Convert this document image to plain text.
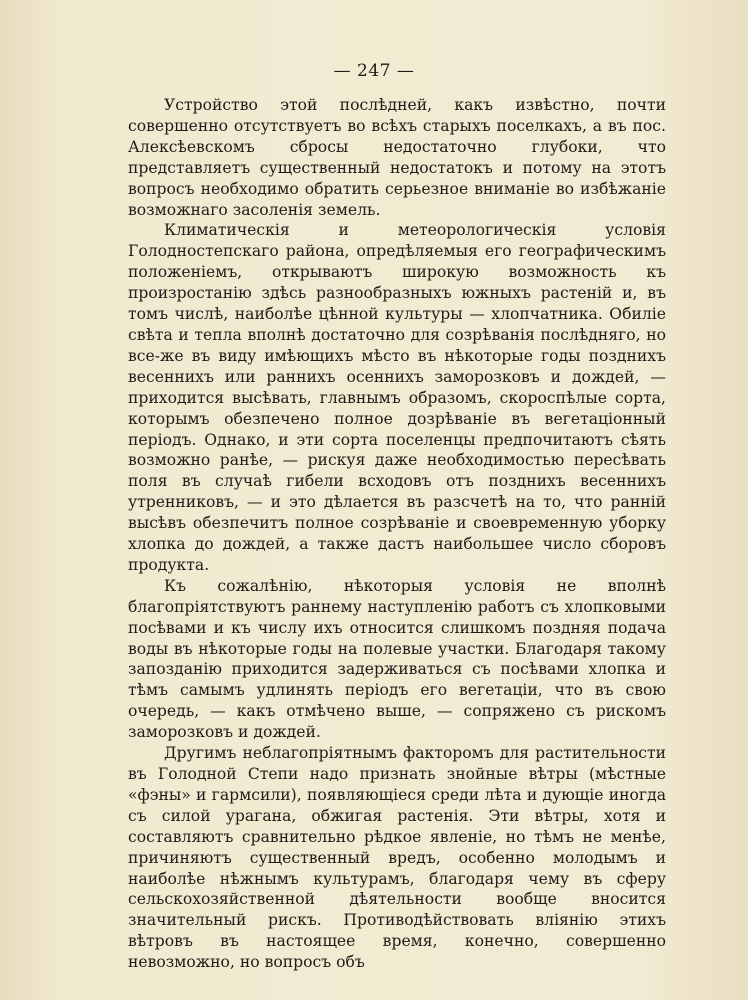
— 247 —

Устройство этой послѣдней, какъ извѣстно, почти совершенно отсутствуетъ во всѣхъ старыхъ поселкахъ, а въ пос. Алексѣевскомъ сбросы недостаточно глубоки, что представляетъ существенный недостатокъ и потому на этотъ вопросъ необходимо обратить серьезное вниманіе во избѣжаніе возможнаго засоленія земель.

Климатическія и метеорологическія условія Голодностепскаго района, опредѣляемыя его географическимъ положеніемъ, открываютъ широкую возможность къ произростанію здѣсь разнообразныхъ южныхъ растеній и, въ томъ числѣ, наиболѣе цѣнной культуры — хлопчатника. Обиліе свѣта и тепла вполнѣ достаточно для созрѣванія послѣдняго, но все-же въ виду имѣющихъ мѣсто въ нѣкоторые годы позднихъ весеннихъ или раннихъ осеннихъ заморозковъ и дождей, — приходится высѣвать, главнымъ образомъ, скороспѣлые сорта, которымъ обезпечено полное дозрѣваніе въ вегетаціонный періодъ. Однако, и эти сорта поселенцы предпочитаютъ сѣять возможно ранѣе, — рискуя даже необходимостью пересѣвать поля въ случаѣ гибели всходовъ отъ позднихъ весеннихъ утренниковъ, — и это дѣлается въ разсчетѣ на то, что ранній высѣвъ обезпечитъ полное созрѣваніе и своевременную уборку хлопка до дождей, а также дастъ наибольшее число сборовъ продукта.

Къ сожалѣнію, нѣкоторыя условія не вполнѣ благопріятствуютъ раннему наступленію работъ съ хлопковыми посѣвами и къ числу ихъ относится слишкомъ поздняя подача воды въ нѣкоторые годы на полевые участки. Благодаря такому запозданію приходится задерживаться съ посѣвами хлопка и тѣмъ самымъ удлинять періодъ его вегетаціи, что въ свою очередь, — какъ отмѣчено выше, — сопряжено съ рискомъ заморозковъ и дождей.

Другимъ неблагопріятнымъ факторомъ для растительности въ Голодной Степи надо признать знойные вѣтры (мѣстные «фэны» и гармсили), появляющіеся среди лѣта и дующіе иногда съ силой урагана, обжигая растенія. Эти вѣтры, хотя и составляютъ сравнительно рѣдкое явленіе, но тѣмъ не менѣе, причиняютъ существенный вредъ, особенно молодымъ и наиболѣе нѣжнымъ культурамъ, благодаря чему въ сферу сельскохозяйственной дѣятельности вообще вносится значительный рискъ. Противодѣйствовать вліянію этихъ вѣтровъ въ настоящее время, конечно, совершенно невозможно, но вопросъ объ
